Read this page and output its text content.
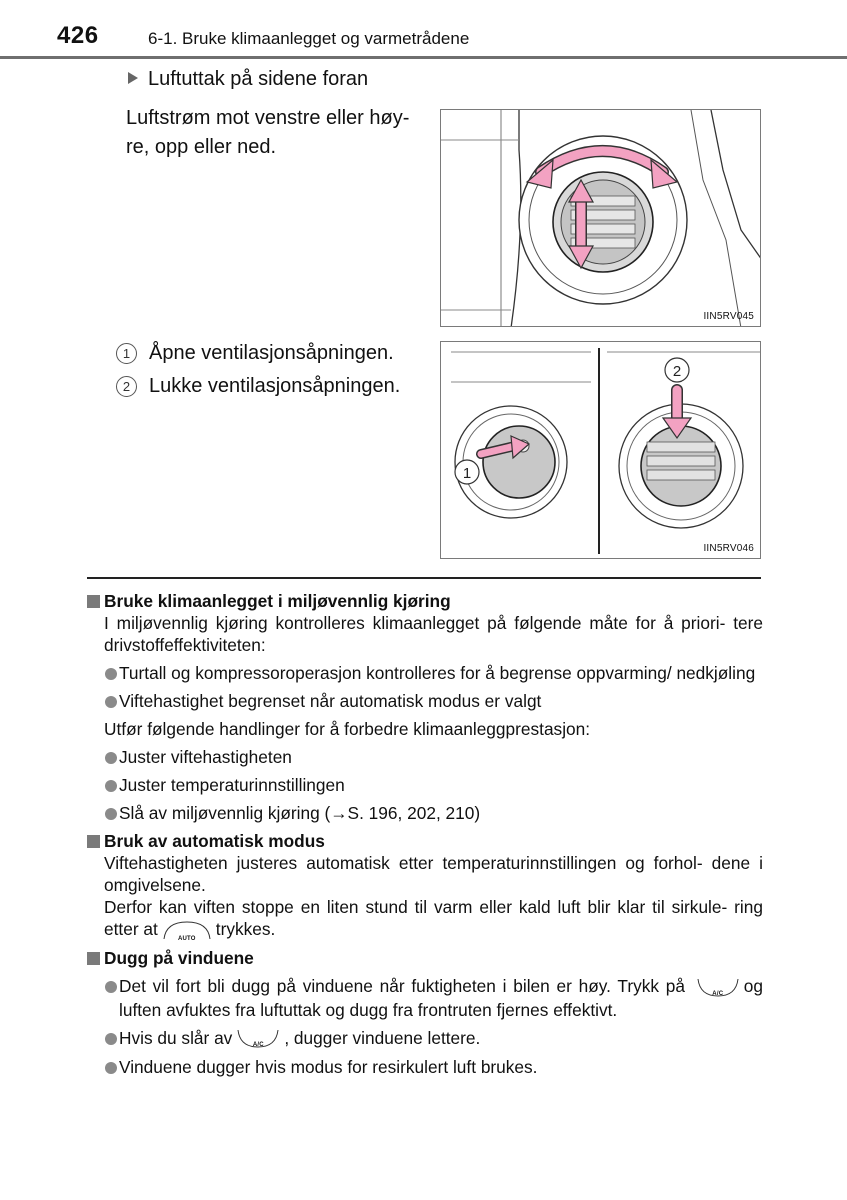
426	6-1. Bruke klimaanlegget og varmetrådene
Luftuttak på sidene foran
Luftstrøm mot venstre eller høy- re, opp eller ned.
IIN5RV045
1 Åpne ventilasjonsåpningen.
2 Lukke ventilasjonsåpningen.
1
2
IIN5RV046
Bruke klimaanlegget i miljøvennlig kjøring
I miljøvennlig kjøring kontrolleres klimaanlegget på følgende måte for å priori- tere drivstoffeffektiviteten:
Turtall og kompressoroperasjon kontrolleres for å begrense oppvarming/ nedkjøling
Viftehastighet begrenset når automatisk modus er valgt
Utfør følgende handlinger for å forbedre klimaanleggprestasjon:
Juster viftehastigheten
Juster temperaturinnstillingen
Slå av miljøvennlig kjøring (→S. 196, 202, 210)
Bruk av automatisk modus
Viftehastigheten justeres automatisk etter temperaturinnstillingen og forhol- dene i omgivelsene.
Derfor kan viften stoppe en liten stund til varm eller kald luft blir klar til sirkule- ring etter at
AUTO
trykkes.
Dugg på vinduene
Det vil fort bli dugg på vinduene når fuktigheten i bilen er høy. Trykk på	A/C	og luften avfuktes fra luftuttak og dugg fra frontruten fjernes effektivt.
Hvis du slår av	A/C	, dugger vinduene lettere.
Vinduene dugger hvis modus for resirkulert luft brukes.
